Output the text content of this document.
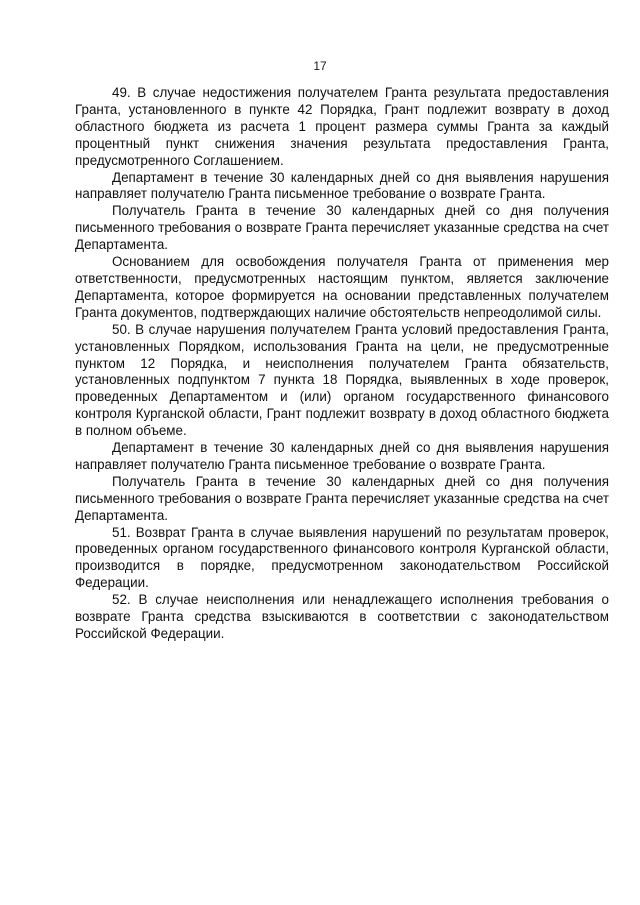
17

49. В случае недостижения получателем Гранта результата предоставления Гранта, установленного в пункте 42 Порядка, Грант подлежит возврату в доход областного бюджета из расчета 1 процент размера суммы Гранта за каждый процентный пункт снижения значения результата предоставления Гранта, предусмотренного Соглашением.

Департамент в течение 30 календарных дней со дня выявления нарушения направляет получателю Гранта письменное требование о возврате Гранта.

Получатель Гранта в течение 30 календарных дней со дня получения письменного требования о возврате Гранта перечисляет указанные средства на счет Департамента.

Основанием для освобождения получателя Гранта от применения мер ответственности, предусмотренных настоящим пунктом, является заключение Департамента, которое формируется на основании представленных получателем Гранта документов, подтверждающих наличие обстоятельств непреодолимой силы.

50. В случае нарушения получателем Гранта условий предоставления Гранта, установленных Порядком, использования Гранта на цели, не предусмотренные пунктом 12 Порядка, и неисполнения получателем Гранта обязательств, установленных подпунктом 7 пункта 18 Порядка, выявленных в ходе проверок, проведенных Департаментом и (или) органом государственного финансового контроля Курганской области, Грант подлежит возврату в доход областного бюджета в полном объеме.

Департамент в течение 30 календарных дней со дня выявления нарушения направляет получателю Гранта письменное требование о возврате Гранта.

Получатель Гранта в течение 30 календарных дней со дня получения письменного требования о возврате Гранта перечисляет указанные средства на счет Департамента.

51. Возврат Гранта в случае выявления нарушений по результатам проверок, проведенных органом государственного финансового контроля Курганской области, производится в порядке, предусмотренном законодательством Российской Федерации.

52. В случае неисполнения или ненадлежащего исполнения требования о возврате Гранта средства взыскиваются в соответствии с законодательством Российской Федерации.
